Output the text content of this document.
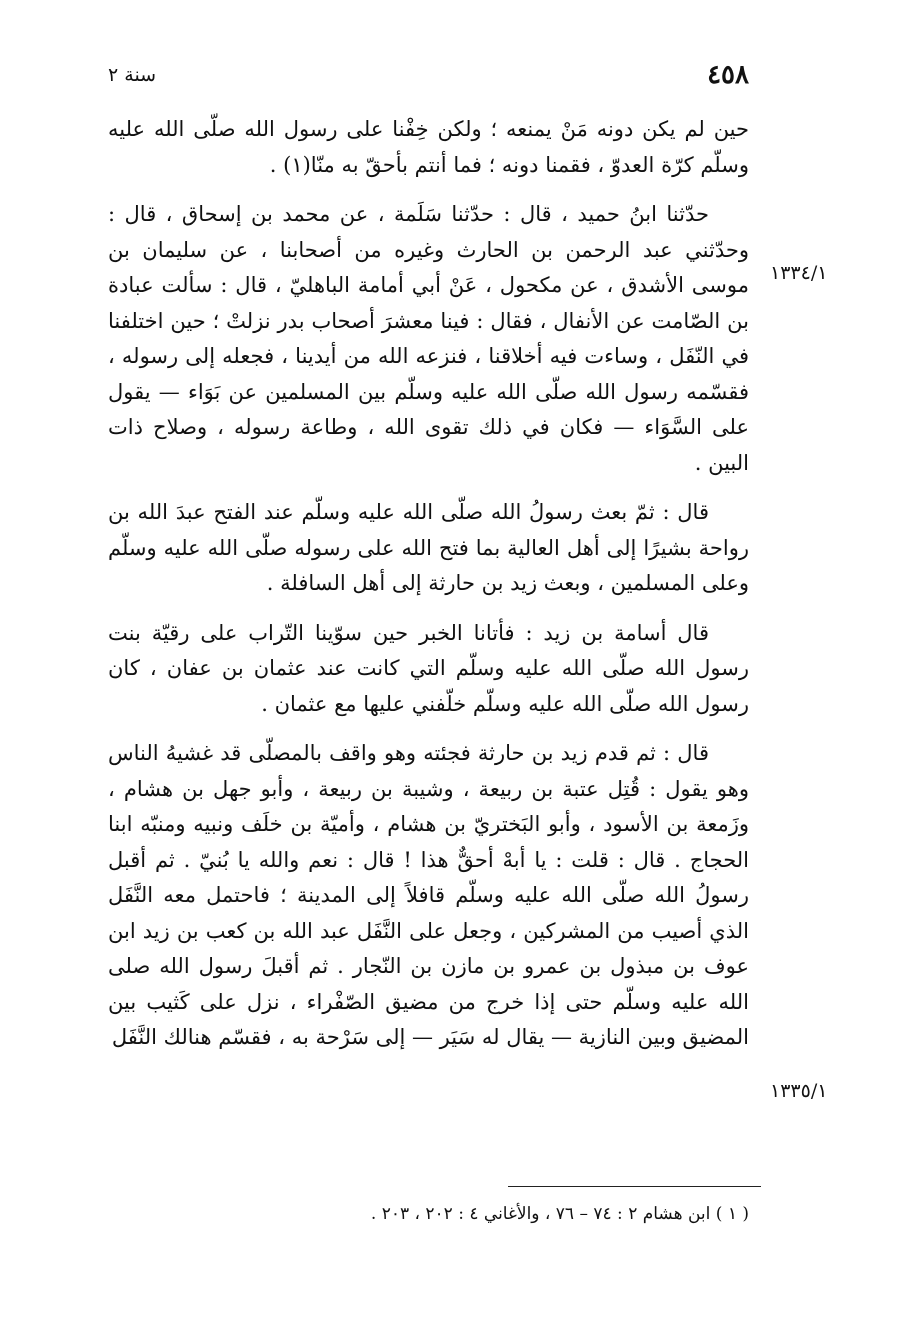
سنة ٢	٤٥٨
١٣٣٤/١
١٣٣٥/١

حين لم يكن دونه مَنْ يمنعه ؛ ولكن خِفْنا على رسول الله صلّى الله عليه وسلّم كرّة العدوّ ، فقمنا دونه ؛ فما أنتم بأحقّ به منّا(١) .

حدّثنا ابنُ حميد ، قال : حدّثنا سَلَمة ، عن محمد بن إسحاق ، قال : وحدّثني عبد الرحمن بن الحارث وغيره من أصحابنا ، عن سليمان بن موسى الأشدق ، عن مكحول ، عَنْ أبي أمامة الباهليّ ، قال : سألت عبادة بن الصّامت عن الأنفال ، فقال : فينا معشرَ أصحاب بدر نزلتْ ؛ حين اختلفنا في النّفَل ، وساءت فيه أخلاقنا ، فنزعه الله من أيدينا ، فجعله إلى رسوله ، فقسّمه رسول الله صلّى الله عليه وسلّم بين المسلمين عن بَوَاء — يقول على السَّوَاء — فكان في ذلك تقوى الله ، وطاعة رسوله ، وصلاح ذات البين .

قال : ثمّ بعث رسولُ الله صلّى الله عليه وسلّم عند الفتح عبدَ الله بن رواحة بشيرًا إلى أهل العالية بما فتح الله على رسوله صلّى الله عليه وسلّم وعلى المسلمين ، وبعث زيد بن حارثة إلى أهل السافلة .

قال أسامة بن زيد : فأتانا الخبر حين سوّينا التّراب على رقيّة بنت رسول الله صلّى الله عليه وسلّم التي كانت عند عثمان بن عفان ، كان رسول الله صلّى الله عليه وسلّم خلّفني عليها مع عثمان .

قال : ثم قدم زيد بن حارثة فجئته وهو واقف بالمصلّى قد غشيهُ الناس وهو يقول : قُتِل عتبة بن ربيعة ، وشيبة بن ربيعة ، وأبو جهل بن هشام ، وزَمعة بن الأسود ، وأبو البَختريّ بن هشام ، وأميّة بن خلَف ونبيه ومنبّه ابنا الحجاج . قال : قلت : يا أبهْ أحقٌّ هذا ! قال : نعم والله يا بُنيّ . ثم أقبل رسولُ الله صلّى الله عليه وسلّم قافلاً إلى المدينة ؛ فاحتمل معه النَّفَل الذي أصيب من المشركين ، وجعل على النَّفَل عبد الله بن كعب بن زيد ابن عوف بن مبذول بن عمرو بن مازن بن النّجار . ثم أقبلَ رسول الله صلى الله عليه وسلّم حتى إذا خرج من مضيق الصّفْراء ، نزل على كَثيب بين المضيق وبين النازية — يقال له سَيَر — إلى سَرْحة به ، فقسّم هنالك النَّفَل

( ١ ) ابن هشام ٢ : ٧٤ – ٧٦ ، والأغاني ٤ : ٢٠٢ ، ٢٠٣ .
